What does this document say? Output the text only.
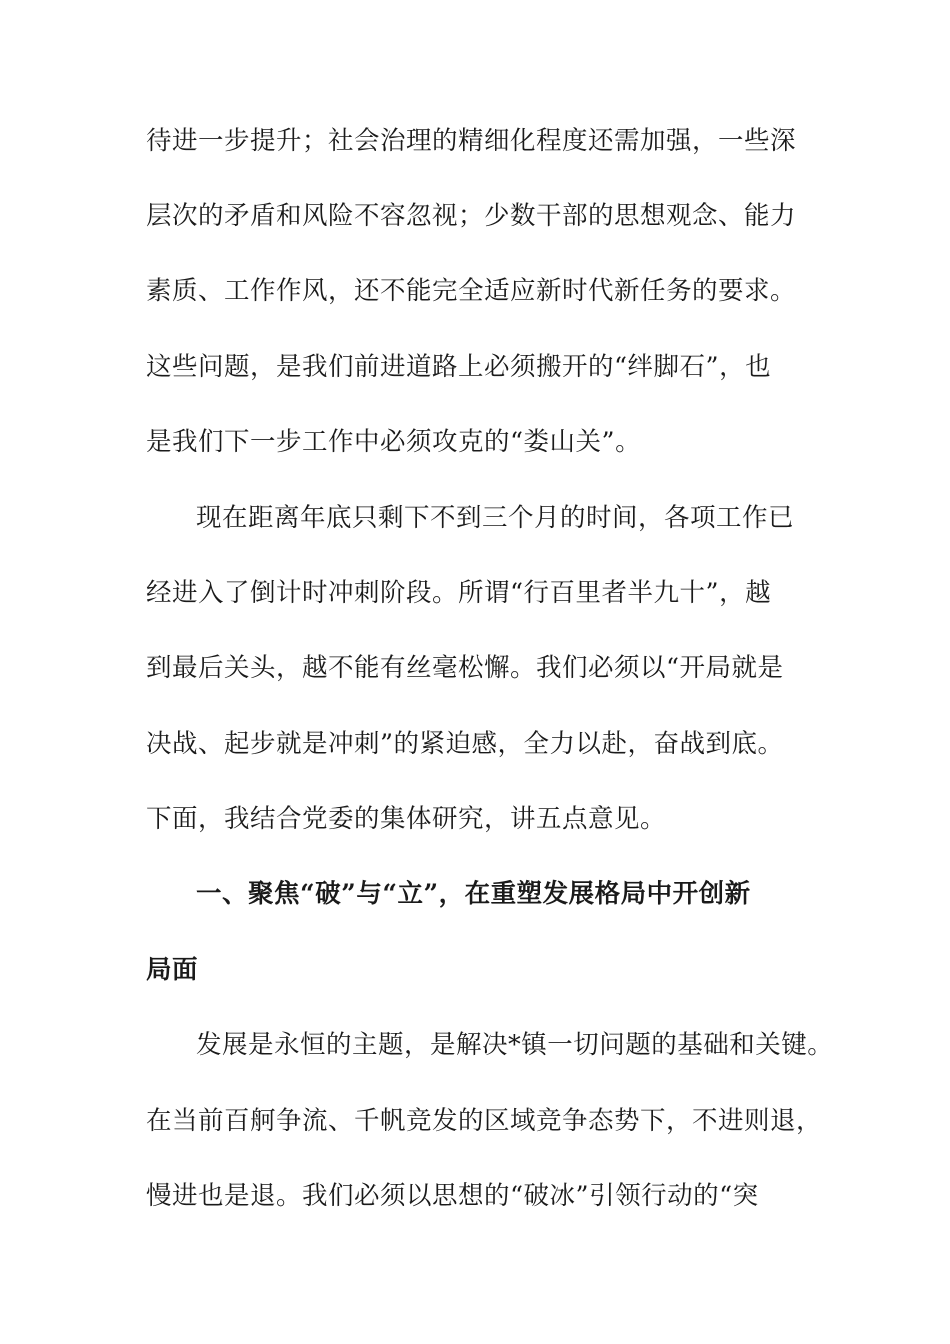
待进一步提升；社会治理的精细化程度还需加强，一些深
层次的矛盾和风险不容忽视；少数干部的思想观念、能力
素质、工作作风，还不能完全适应新时代新任务的要求。
这些问题，是我们前进道路上必须搬开的“绊脚石”，也
是我们下一步工作中必须攻克的“娄山关”。
现在距离年底只剩下不到三个月的时间，各项工作已
经进入了倒计时冲刺阶段。所谓“行百里者半九十”，越
到最后关头，越不能有丝毫松懈。我们必须以“开局就是
决战、起步就是冲刺”的紧迫感，全力以赴，奋战到底。
下面，我结合党委的集体研究，讲五点意见。
一、聚焦“破”与“立”，在重塑发展格局中开创新
局面
发展是永恒的主题，是解决*镇一切问题的基础和关键。
在当前百舸争流、千帆竞发的区域竞争态势下，不进则退，
慢进也是退。我们必须以思想的“破冰”引领行动的“突
